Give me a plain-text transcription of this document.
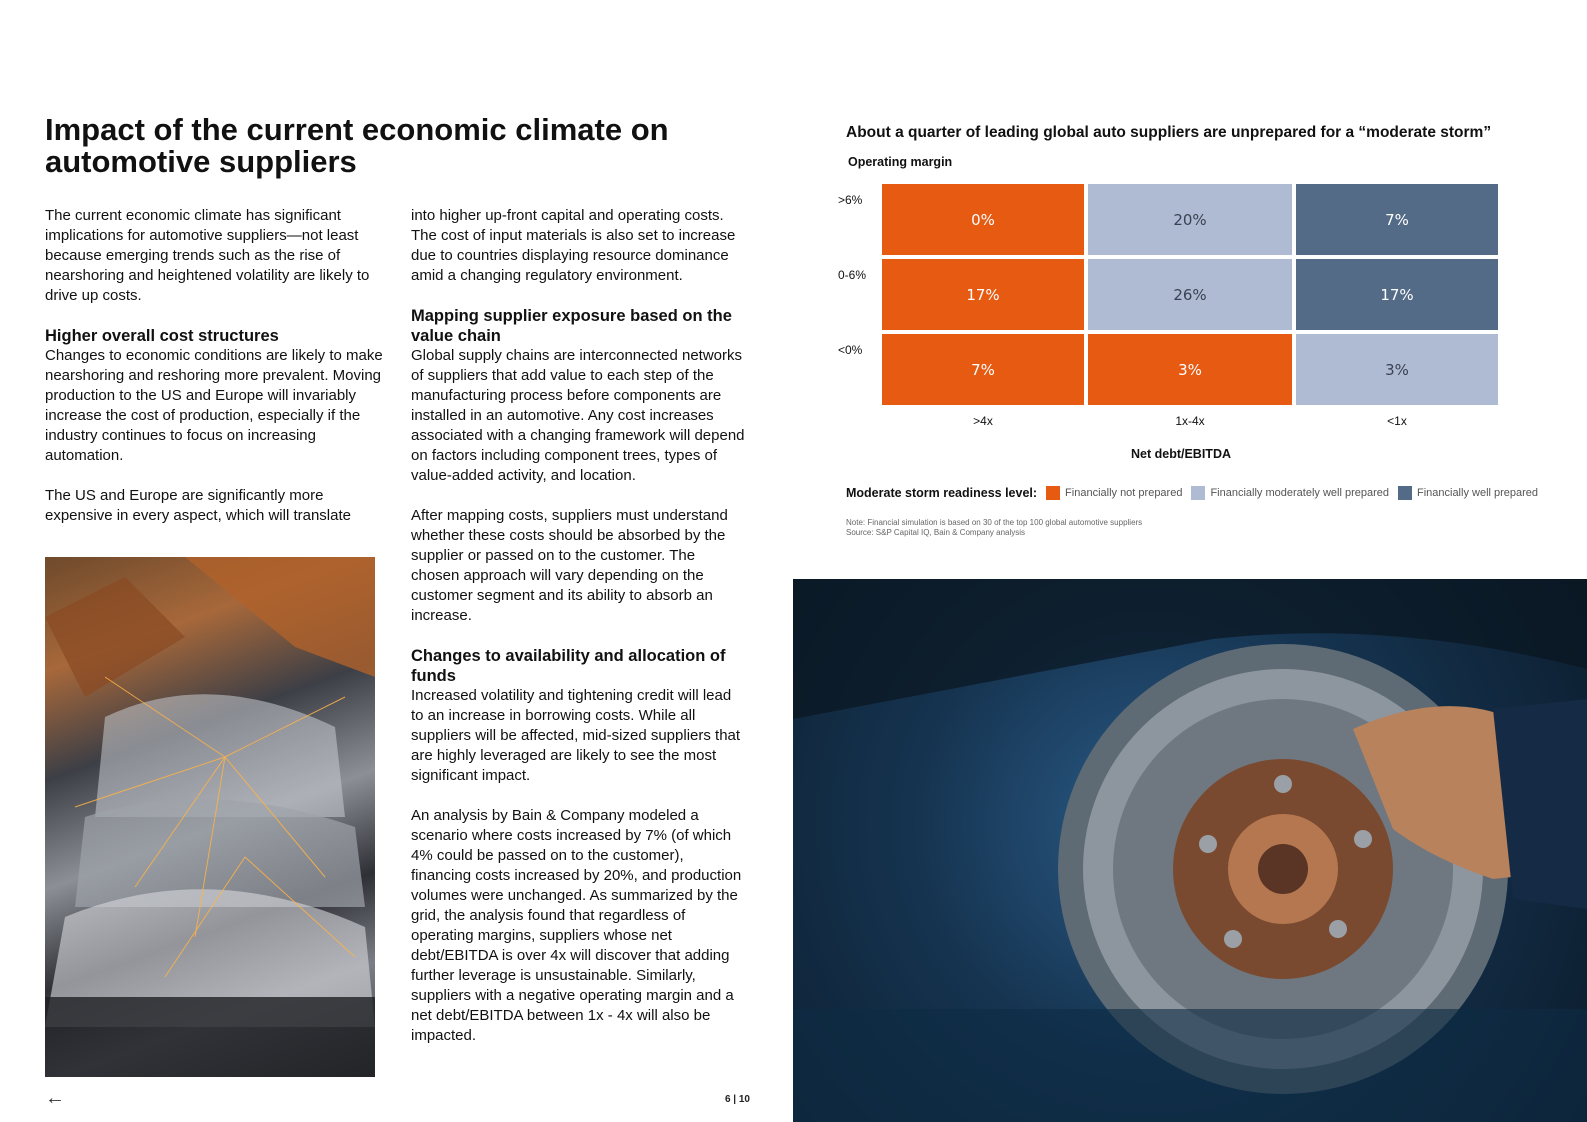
Impact of the current economic climate on automotive suppliers

The current economic climate has significant implications for automotive suppliers—not least because emerging trends such as the rise of nearshoring and heightened volatility are likely to drive up costs.

Higher overall cost structures

Changes to economic conditions are likely to make nearshoring and reshoring more prevalent. Moving production to the US and Europe will invariably increase the cost of production, especially if the industry continues to focus on increasing automation.

The US and Europe are significantly more expensive in every aspect, which will translate

into higher up-front capital and operating costs. The cost of input materials is also set to increase due to countries displaying resource dominance amid a changing regulatory environment.

Mapping supplier exposure based on the value chain

Global supply chains are interconnected networks of suppliers that add value to each step of the manufacturing process before components are installed in an automotive. Any cost increases associated with a changing framework will depend on factors including component trees, types of value-added activity, and location.

After mapping costs, suppliers must understand whether these costs should be absorbed by the supplier or passed on to the customer. The chosen approach will vary depending on the customer segment and its ability to absorb an increase.

Changes to availability and allocation of funds

Increased volatility and tightening credit will lead to an increase in borrowing costs. While all suppliers will be affected, mid-sized suppliers that are highly leveraged are likely to see the most significant impact.

An analysis by Bain & Company modeled a scenario where costs increased by 7% (of which 4% could be passed on to the customer), financing costs increased by 20%, and production volumes were unchanged. As summarized by the grid, the analysis found that regardless of operating margins, suppliers whose net debt/EBITDA is over 4x will discover that adding further leverage is unsustainable. Similarly, suppliers with a negative operating margin and a net debt/EBITDA between 1x - 4x will also be impacted.

←	6 | 10
About a quarter of leading global auto suppliers are unprepared for a “moderate storm”
Operating margin
Net debt/EBITDA
Moderate storm readiness level:	Financially not prepared	Financially moderately well prepared	Financially well prepared
Note: Financial simulation is based on 30 of the top 100 global automotive suppliers
Source: S&P Capital IQ, Bain & Company analysis
>6%
0%	20%	7%
0-6%
17%	26%	17%
<0%
7%	3%	3%
>4x	1x-4x	<1x
